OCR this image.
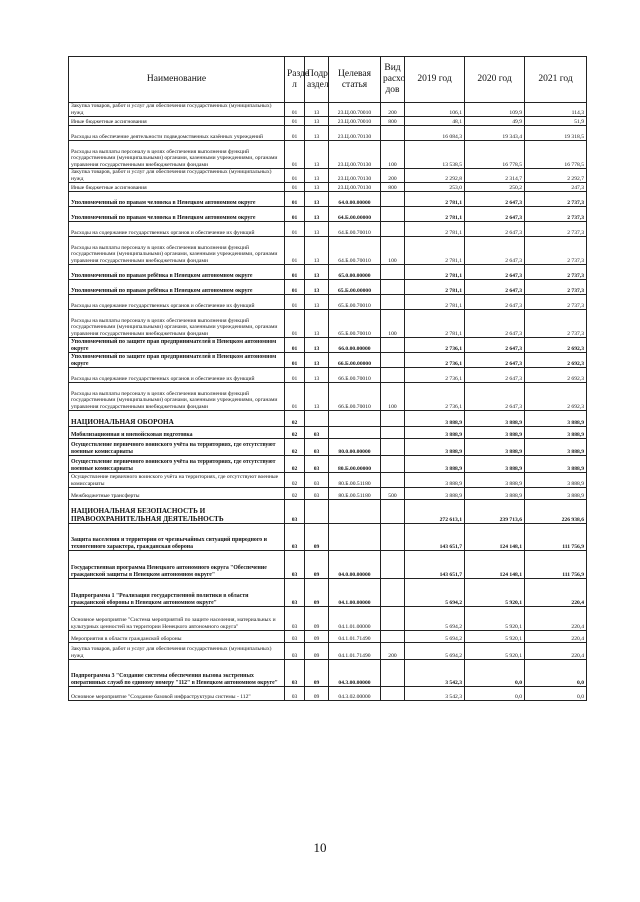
Наименование	Разде л	Подр аздел	Целевая статья	Вид расхо дов	2019 год	2020 год	2021 год
Закупка товаров, работ и услуг для обеспечения государственных (муниципальных) нужд	01	13	23.Ц.00.70010	200	106,1	109,9	114,3
Иные бюджетные ассигнования	01	13	23.Ц.00.70010	800	48,1	49,9	51,9
Расходы на обеспечение деятельности подведомственных казённых учреждений	01	13	23.Ц.00.70130		16 084,3	19 343,4	19 318,5
Расходы на выплаты персоналу в целях обеспечения выполнения функций государственными (муниципальными) органами, казенными учреждениями, органами управления государственными внебюджетными фондами	01	13	23.Ц.00.70130	100	13 538,5	16 778,5	16 778,5
Закупка товаров, работ и услуг для обеспечения государственных (муниципальных) нужд	01	13	23.Ц.00.70130	200	2 292,8	2 314,7	2 292,7
Иные бюджетные ассигнования	01	13	23.Ц.00.70130	800	253,0	250,2	247,3
Уполномоченный по правам человека в Ненецком автономном округе	01	13	64.0.00.00000		2 781,1	2 647,3	2 737,3
Уполномоченный по правам человека в Ненецком автономном округе	01	13	64.Б.00.00000		2 781,1	2 647,3	2 737,3
Расходы на содержание государственных органов и обеспечение их функций	01	13	64.Б.00.70010		2 781,1	2 647,3	2 737,3
Расходы на выплаты персоналу в целях обеспечения выполнения функций государственными (муниципальными) органами, казенными учреждениями, органами управления государственными внебюджетными фондами	01	13	64.Б.00.70010	100	2 781,1	2 647,3	2 737,3
Уполномоченный по правам ребёнка в Ненецком автономном округе	01	13	65.0.00.00000		2 781,1	2 647,3	2 737,3
Уполномоченный по правам ребёнка в Ненецком автономном округе	01	13	65.Б.00.00000		2 781,1	2 647,3	2 737,3
Расходы на содержание государственных органов и обеспечение их функций	01	13	65.Б.00.70010		2 781,1	2 647,3	2 737,3
Расходы на выплаты персоналу в целях обеспечения выполнения функций государственными (муниципальными) органами, казенными учреждениями, органами управления государственными внебюджетными фондами	01	13	65.Б.00.70010	100	2 781,1	2 647,3	2 737,3
Уполномоченный по защите прав предпринимателей в Ненецком автономном округе	01	13	66.0.00.00000		2 736,1	2 647,3	2 692,3
Уполномоченный по защите прав предпринимателей в Ненецком автономном округе	01	13	66.Б.00.00000		2 736,1	2 647,3	2 692,3
Расходы на содержание государственных органов и обеспечение их функций	01	13	66.Б.00.70010		2 736,1	2 647,3	2 692,3
Расходы на выплаты персоналу в целях обеспечения выполнения функций государственными (муниципальными) органами, казенными учреждениями, органами управления государственными внебюджетными фондами	01	13	66.Б.00.70010	100	2 736,1	2 647,3	2 692,3
НАЦИОНАЛЬНАЯ ОБОРОНА	02				3 888,9	3 888,9	3 888,9
Мобилизационная и вневойсковая подготовка	02	03			3 888,9	3 888,9	3 888,9
Осуществление первичного воинского учёта на территориях, где отсутствуют военные комиссариаты	02	03	80.0.00.00000		3 888,9	3 888,9	3 888,9
Осуществление первичного воинского учёта на территориях, где отсутствуют военные комиссариаты	02	03	80.Б.00.00000		3 888,9	3 888,9	3 888,9
Осуществление первичного воинского учёта на территориях, где отсутствуют военные комиссариаты	02	03	80.Б.00.51180		3 888,9	3 888,9	3 888,9
Межбюджетные трансферты	02	03	80.Б.00.51180	500	3 888,9	3 888,9	3 888,9
НАЦИОНАЛЬНАЯ БЕЗОПАСНОСТЬ И ПРАВООХРАНИТЕЛЬНАЯ ДЕЯТЕЛЬНОСТЬ	03				272 613,1	239 713,6	226 938,6
Защита населения и территории от чрезвычайных ситуаций природного и техногенного характера, гражданская оборона	03	09			143 651,7	124 148,1	111 756,9
Государственная программа Ненецкого автономного округа "Обеспечение гражданской защиты в Ненецком автономном округе"	03	09	04.0.00.00000		143 651,7	124 148,1	111 756,9
Подпрограмма 1 "Реализация государственной политики в области гражданской обороны в Ненецком автономном округе"	03	09	04.1.00.00000		5 694,2	5 920,1	220,4
Основное мероприятие "Система мероприятий по защите населения, материальных и культурных ценностей на территории Ненецкого автономного округа"	03	09	04.1.01.00000		5 694,2	5 920,1	220,4
Мероприятия в области гражданской обороны	03	09	04.1.01.71490		5 694,2	5 920,1	220,4
Закупка товаров, работ и услуг для обеспечения государственных (муниципальных) нужд	03	09	04.1.01.71490	200	5 694,2	5 920,1	220,4
Подпрограмма 3 "Создание системы обеспечения вызова экстренных оперативных служб по единому номеру "112" в Ненецком автономном округе"	03	09	04.3.00.00000		3 542,3	0,0	0,0
Основное мероприятие "Создание базовой инфраструктуры системы - 112"	03	09	04.3.02.00000		3 542,3	0,0	0,0
10
